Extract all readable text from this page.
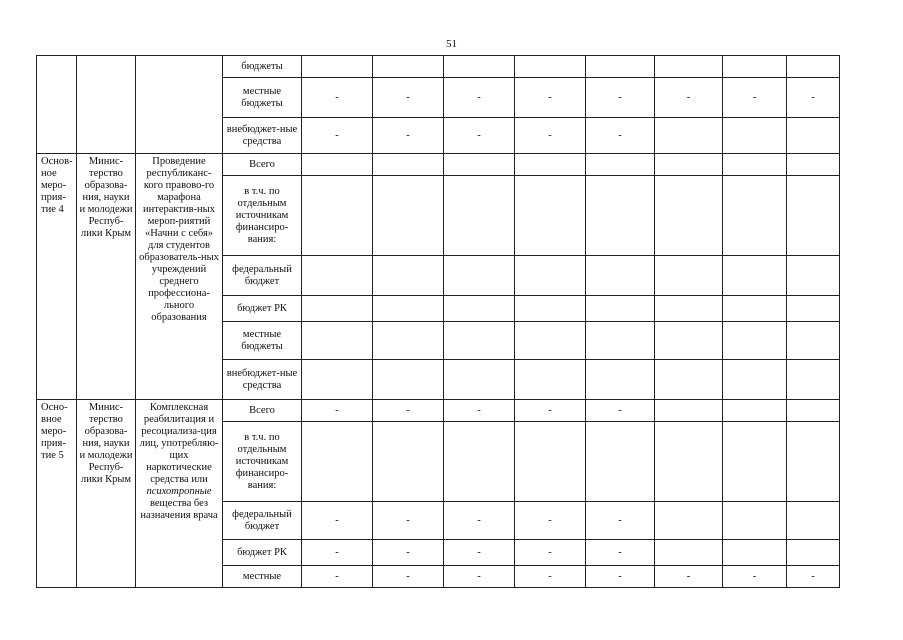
51
			бюджеты								
			местные бюджеты	-	-	-	-	-	-	-	-
			внебюджет-ные средства	-	-	-	-	-			
Основ-ное меро-прия-тие 4	Минис-терство образова-ния, науки и молодежи Респуб-лики Крым	Проведение республиканс-кого правово-го марафона интерактив-ных мероп-риятий «Начни с себя» для студентов образователь-ных учреждений среднего профессиона-льного образования	Всего								
			в т.ч. по отдельным источникам финансиро-вания:								
			федеральный бюджет								
			бюджет РК								
			местные бюджеты								
			внебюджет-ные средства								
Осно-вное меро-прия-тие 5	Минис-терство образова-ния, науки и молодежи Респуб-лики Крым	Комплексная реабилитация и ресоциализа-ция лиц, употребляю-щих наркотические средства или психотропные вещества без назначения врача	Всего	-	-	-	-	-			
			в т.ч. по отдельным источникам финансиро-вания:								
			федеральный бюджет	-	-	-	-	-			
			бюджет РК	-	-	-	-	-			
			местные	-	-	-	-	-	-	-	-
